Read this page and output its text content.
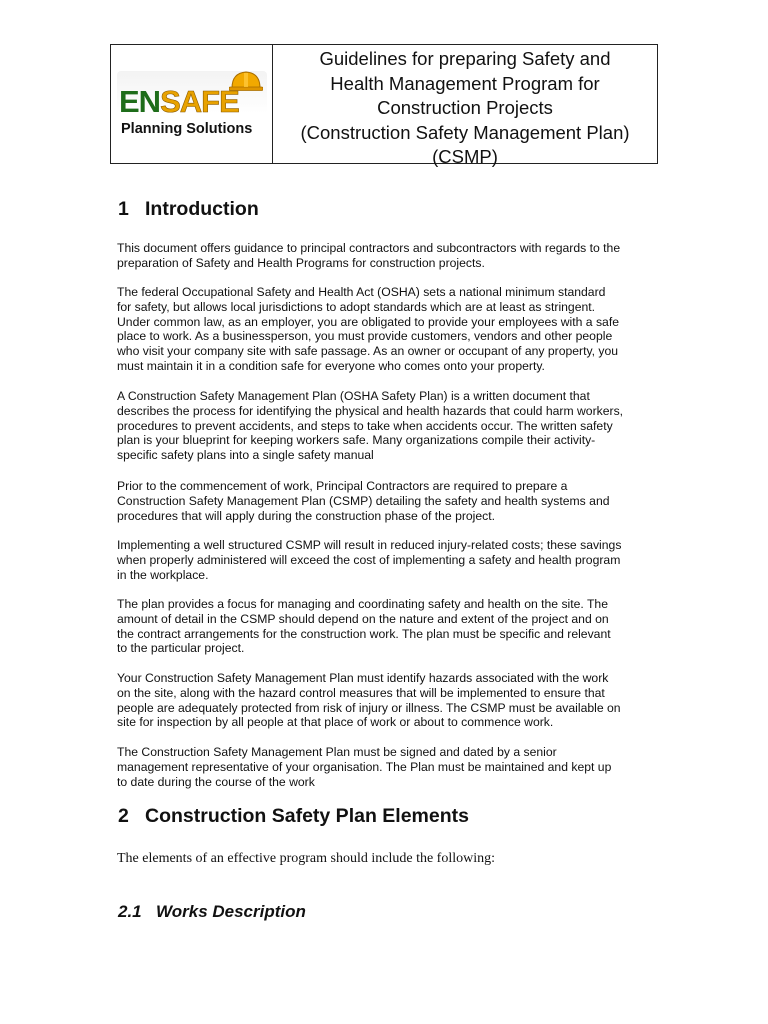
ENSAFE
Planning Solutions
Guidelines for preparing Safety and
Health Management Program for
Construction Projects
(Construction Safety Management Plan)
(CSMP)
1 Introduction
This document offers guidance to principal contractors and subcontractors with regards to the
preparation of Safety and Health Programs for construction projects.
The federal Occupational Safety and Health Act (OSHA) sets a national minimum standard
for safety, but allows local jurisdictions to adopt standards which are at least as stringent.
Under common law, as an employer, you are obligated to provide your employees with a safe
place to work. As a businessperson, you must provide customers, vendors and other people
who visit your company site with safe passage. As an owner or occupant of any property, you
must maintain it in a condition safe for everyone who comes onto your property.
A Construction Safety Management Plan (OSHA Safety Plan) is a written document that
describes the process for identifying the physical and health hazards that could harm workers,
procedures to prevent accidents, and steps to take when accidents occur. The written safety
plan is your blueprint for keeping workers safe. Many organizations compile their activity-
specific safety plans into a single safety manual
Prior to the commencement of work, Principal Contractors are required to prepare a
Construction Safety Management Plan (CSMP) detailing the safety and health systems and
procedures that will apply during the construction phase of the project.
Implementing a well structured CSMP will result in reduced injury-related costs; these savings
when properly administered will exceed the cost of implementing a safety and health program
in the workplace.
The plan provides a focus for managing and coordinating safety and health on the site. The
amount of detail in the CSMP should depend on the nature and extent of the project and on
the contract arrangements for the construction work. The plan must be specific and relevant
to the particular project.
Your Construction Safety Management Plan must identify hazards associated with the work
on the site, along with the hazard control measures that will be implemented to ensure that
people are adequately protected from risk of injury or illness. The CSMP must be available on
site for inspection by all people at that place of work or about to commence work.
The Construction Safety Management Plan must be signed and dated by a senior
management representative of your organisation. The Plan must be maintained and kept up
to date during the course of the work
2 Construction Safety Plan Elements

The elements of an effective program should include the following:

2.1 Works Description
